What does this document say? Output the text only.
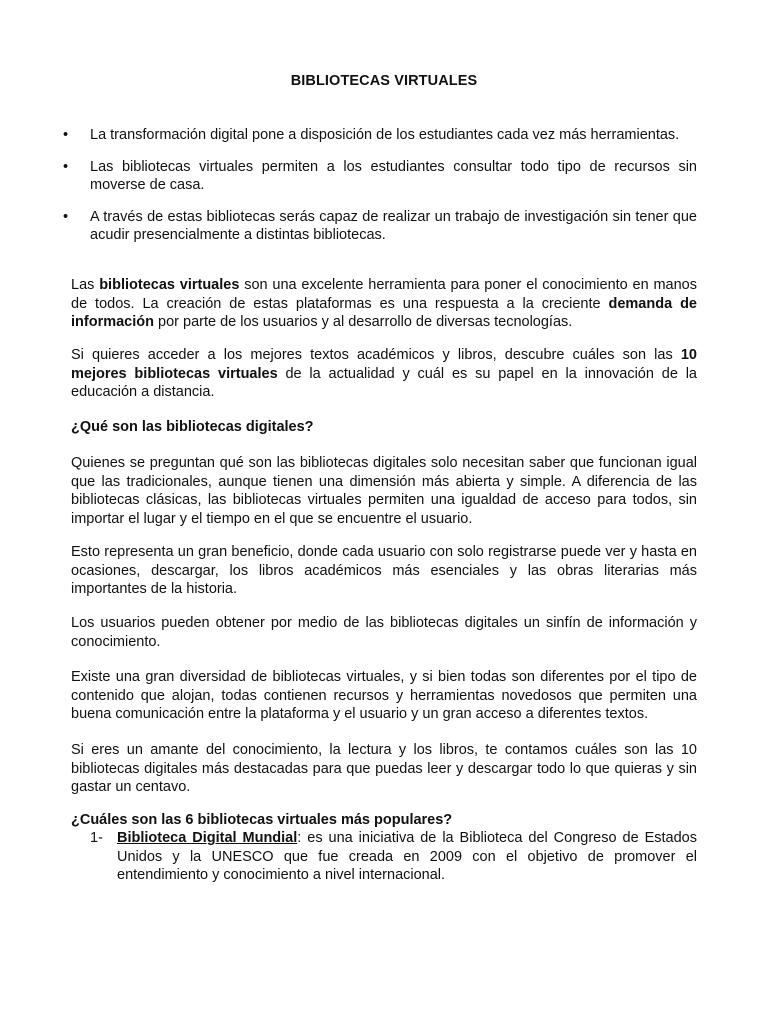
BIBLIOTECAS VIRTUALES
• La transformación digital pone a disposición de los estudiantes cada vez más herramientas.
• Las bibliotecas virtuales permiten a los estudiantes consultar todo tipo de recursos sin moverse de casa.
• A través de estas bibliotecas serás capaz de realizar un trabajo de investigación sin tener que acudir presencialmente a distintas bibliotecas.

Las bibliotecas virtuales son una excelente herramienta para poner el conocimiento en manos de todos. La creación de estas plataformas es una respuesta a la creciente demanda de información por parte de los usuarios y al desarrollo de diversas tecnologías.

Si quieres acceder a los mejores textos académicos y libros, descubre cuáles son las 10 mejores bibliotecas virtuales de la actualidad y cuál es su papel en la innovación de la educación a distancia.

¿Qué son las bibliotecas digitales?

Quienes se preguntan qué son las bibliotecas digitales solo necesitan saber que funcionan igual que las tradicionales, aunque tienen una dimensión más abierta y simple. A diferencia de las bibliotecas clásicas, las bibliotecas virtuales permiten una igualdad de acceso para todos, sin importar el lugar y el tiempo en el que se encuentre el usuario.

Esto representa un gran beneficio, donde cada usuario con solo registrarse puede ver y hasta en ocasiones, descargar, los libros académicos más esenciales y las obras literarias más importantes de la historia.

Los usuarios pueden obtener por medio de las bibliotecas digitales un sinfín de información y conocimiento.

Existe una gran diversidad de bibliotecas virtuales, y si bien todas son diferentes por el tipo de contenido que alojan, todas contienen recursos y herramientas novedosos que permiten una buena comunicación entre la plataforma y el usuario y un gran acceso a diferentes textos.

Si eres un amante del conocimiento, la lectura y los libros, te contamos cuáles son las 10 bibliotecas digitales más destacadas para que puedas leer y descargar todo lo que quieras y sin gastar un centavo.

¿Cuáles son las 6 bibliotecas virtuales más populares?

1- Biblioteca Digital Mundial: es una iniciativa de la Biblioteca del Congreso de Estados Unidos y la UNESCO que fue creada en 2009 con el objetivo de promover el entendimiento y conocimiento a nivel internacional.
